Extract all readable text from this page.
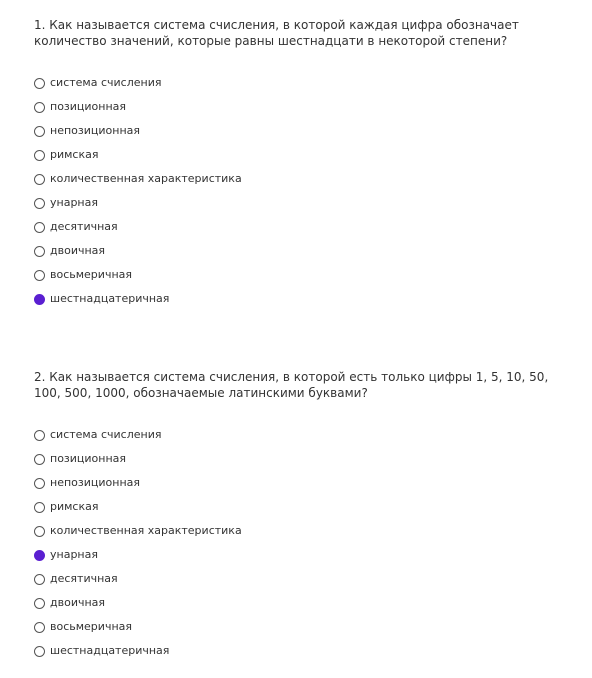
1. Как называется система счисления, в которой каждая цифра обозначает количество значений, которые равны шестнадцати в некоторой степени?

система счисления
позиционная
непозиционная
римская
количественная характеристика
унарная
десятичная
двоичная
восьмеричная
шестнадцатеричная

2. Как называется система счисления, в которой есть только цифры 1, 5, 10, 50, 100, 500, 1000, обозначаемые латинскими буквами?

система счисления
позиционная
непозиционная
римская
количественная характеристика
унарная
десятичная
двоичная
восьмеричная
шестнадцатеричная
